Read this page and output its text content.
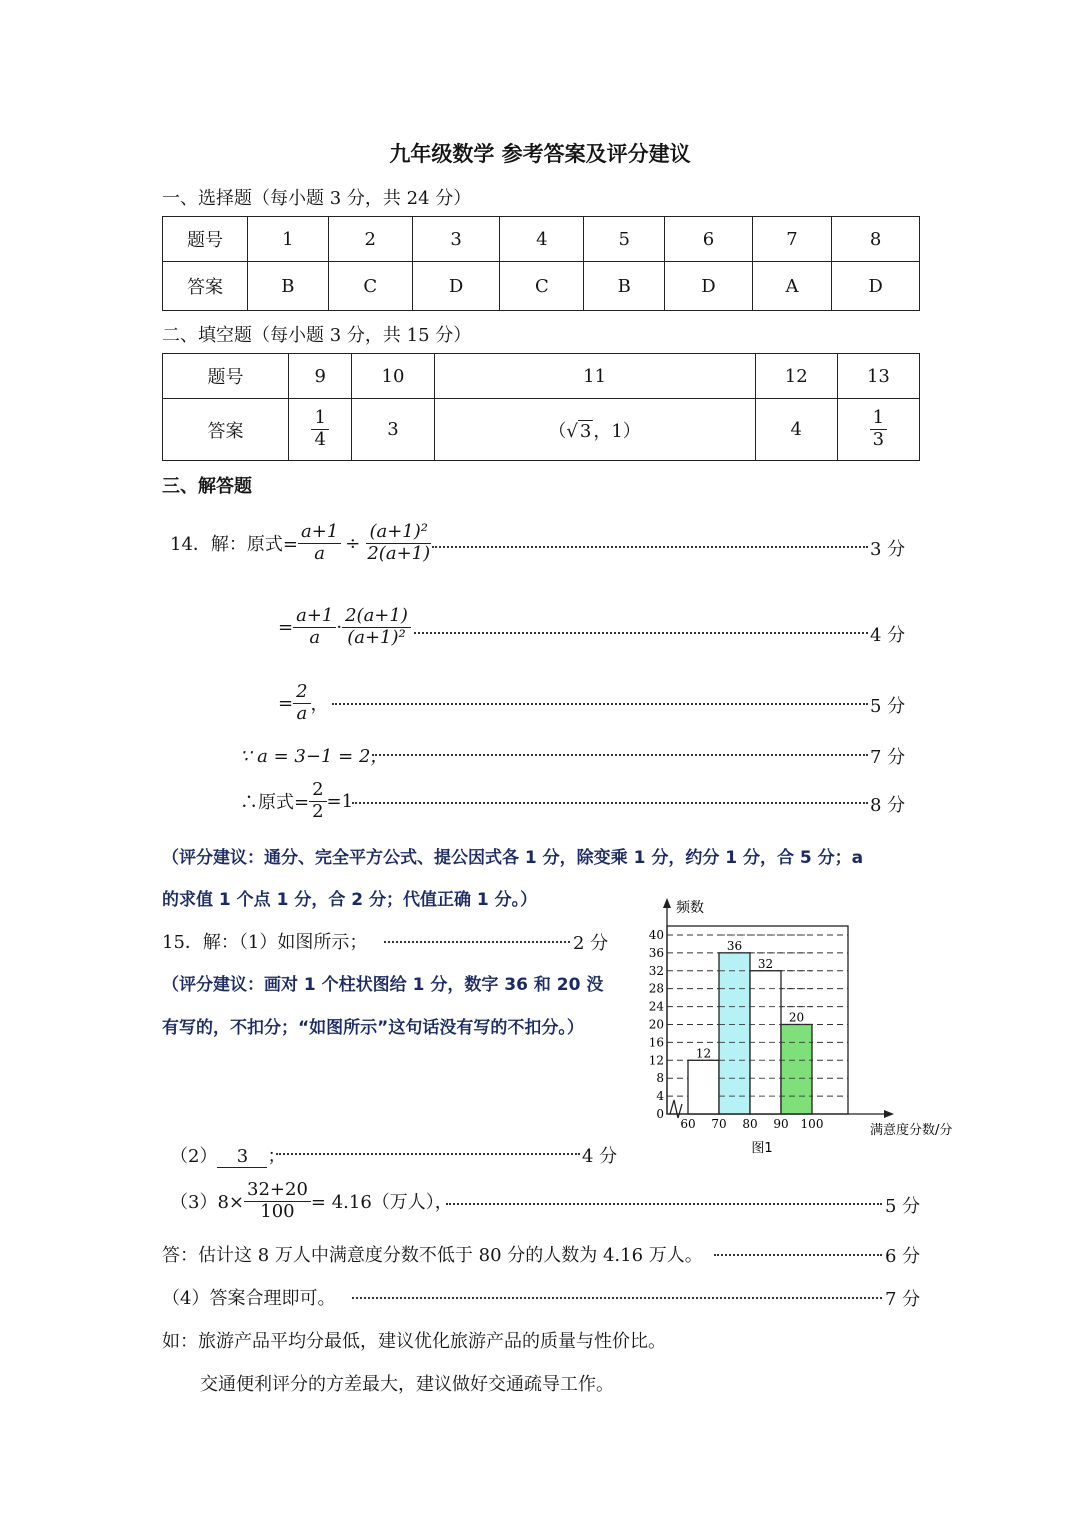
九年级数学 参考答案及评分建议
一、选择题（每小题 3 分，共 24 分）
题号	1	2	3	4	5	6	7	8
答案	B	C	D	C	B	D	A	D
二、填空题（每小题 3 分，共 15 分）
题号	9	10	11	12	13
答案	$\frac{1}{4}$	3	（√ 3 ，1）	4	$\frac{1}{3}$
三、解答题
14．解：原式= $\frac{a+1}{a} \div \frac{\text{(a+1)²}}{2(a+1)}$	3 分
= $\frac{a+1}{a} \cdot \frac{2(a+1)}{\text{(a+1)²}}$	4 分
= $\frac{2}{a}$ ，	5 分
∵ a = 3−1 = 2，	7 分
∴原式= $\frac{2}{2} =1$	8 分
（评分建议：通分、完全平方公式、提公因式各 1 分，除变乘 1 分，约分 1 分，合 5 分；a
的求值 1 个点 1 分，合 2 分；代值正确 1 分。）
15．解：（1）如图所示；	2 分
（评分建议：画对 1 个柱状图给 1 分，数字 36 和 20 没
有写的，不扣分；“如图所示”这句话没有写的不扣分。）
12
36
32
20
频数
0
4
8
12
16
20
24
28
32
36
40
60 70 80 90 100	满意度分数/分
图1
（2） 3 ；	4 分
$(3)8\times \frac{32+20}{100} = 4.16$（万人），	5 分
答：估计这 8 万人中满意度分数不低于 80 分的人数为 4.16 万人。	6 分
（4）答案合理即可。	7 分
如：旅游产品平均分最低，建议优化旅游产品的质量与性价比。
交通便利评分的方差最大，建议做好交通疏导工作。
